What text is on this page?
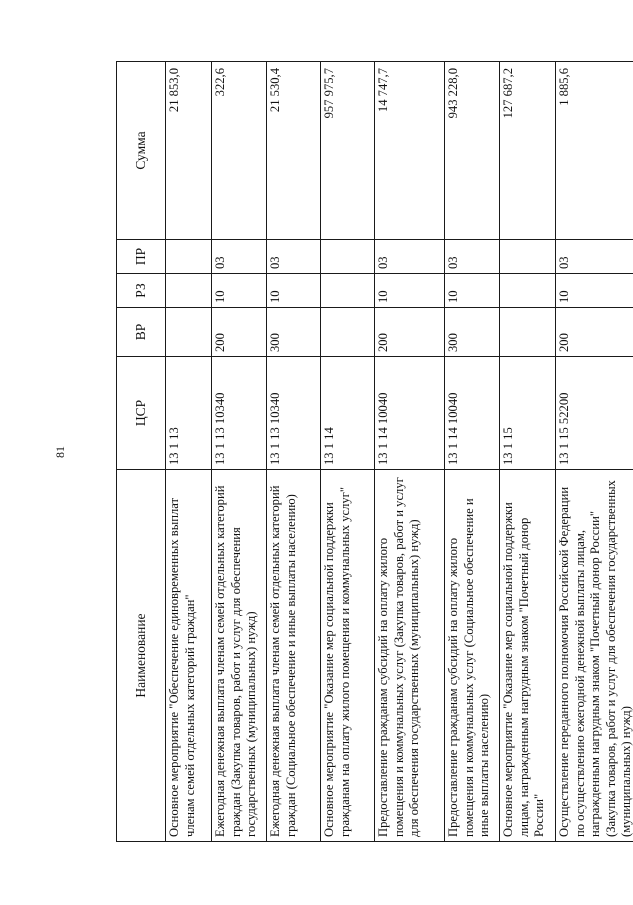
81
Наименование	ЦСР	ВР	РЗ	ПР	Сумма
Основное мероприятие "Обеспечение единовременных выплат членам семей отдельных категорий граждан"	13 1 13				21 853,0
Ежегодная денежная выплата членам семей отдельных категорий граждан (Закупка товаров, работ и услуг для обеспечения государственных (муниципальных) нужд)	13 1 13 10340	200	10	03	322,6
Ежегодная денежная выплата членам семей отдельных категорий граждан (Социальное обеспечение и иные выплаты населению)	13 1 13 10340	300	10	03	21 530,4
Основное мероприятие "Оказание мер социальной поддержки гражданам на оплату жилого помещения и коммунальных услуг"	13 1 14				957 975,7
Предоставление гражданам субсидий на оплату жилого помещения и коммунальных услуг (Закупка товаров, работ и услуг для обеспечения государственных (муниципальных) нужд)	13 1 14 10040	200	10	03	14 747,7
Предоставление гражданам субсидий на оплату жилого помещения и коммунальных услуг (Социальное обеспечение и иные выплаты населению)	13 1 14 10040	300	10	03	943 228,0
Основное мероприятие "Оказание мер социальной поддержки лицам, награжденным нагрудным знаком "Почетный донор России"	13 1 15				127 687,2
Осуществление переданного полномочия Российской Федерации по осуществлению ежегодной денежной выплаты лицам, награжденным нагрудным знаком "Почетный донор России" (Закупка товаров, работ и услуг для обеспечения государственных (муниципальных) нужд)	13 1 15 52200	200	10	03	1 885,6
